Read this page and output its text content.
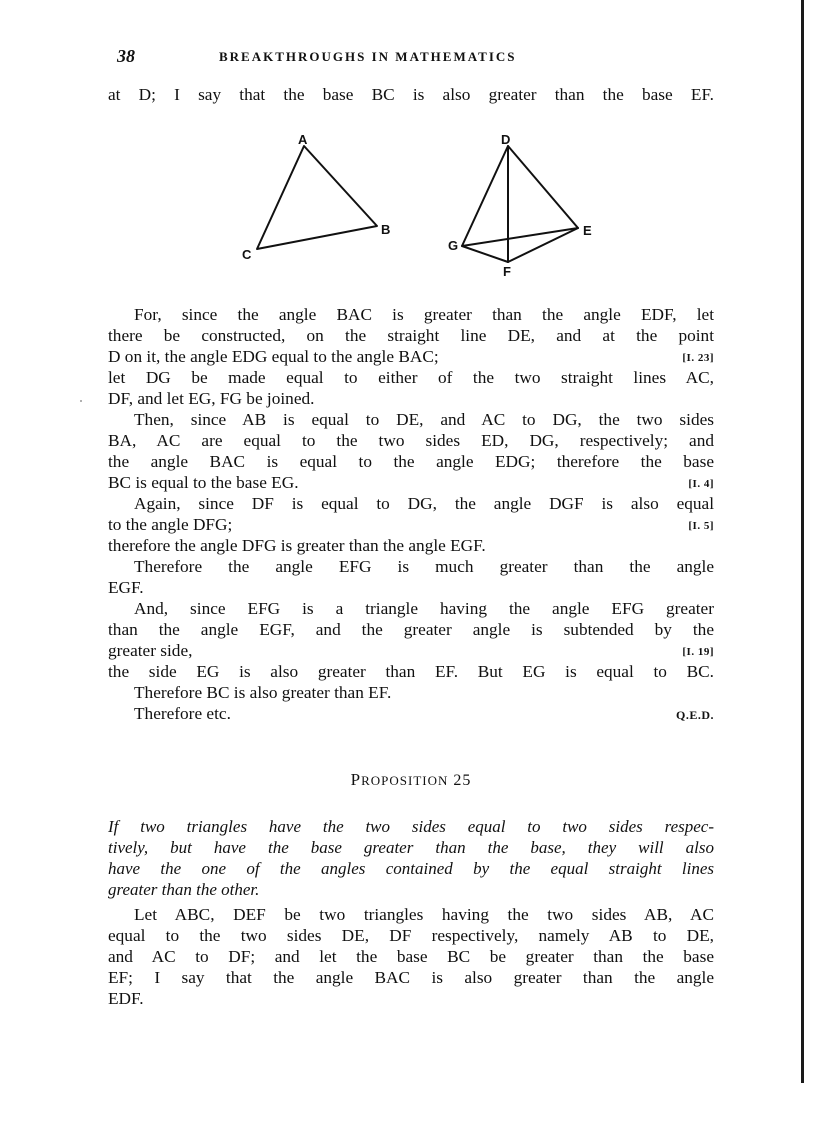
38	BREAKTHROUGHS IN MATHEMATICS
at D; I say that the base BC is also greater than the base EF.
A
B
C
D
E
F
G
For, since the angle BAC is greater than the angle EDF, let
there be constructed, on the straight line DE, and at the point
D on it, the angle EDG equal to the angle BAC;	[I. 23]
let DG be made equal to either of the two straight lines AC,
DF, and let EG, FG be joined.
Then, since AB is equal to DE, and AC to DG, the two sides
BA, AC are equal to the two sides ED, DG, respectively; and
the angle BAC is equal to the angle EDG; therefore the base
BC is equal to the base EG.	[I. 4]
Again, since DF is equal to DG, the angle DGF is also equal
to the angle DFG;	[I. 5]
therefore the angle DFG is greater than the angle EGF.
Therefore the angle EFG is much greater than the angle
EGF.
And, since EFG is a triangle having the angle EFG greater
than the angle EGF, and the greater angle is subtended by the
greater side,	[I. 19]
the side EG is also greater than EF. But EG is equal to BC.
Therefore BC is also greater than EF.
Therefore etc.	Q.E.D.
PROPOSITION 25
If two triangles have the two sides equal to two sides respec-
tively, but have the base greater than the base, they will also
have the one of the angles contained by the equal straight lines
greater than the other.
Let ABC, DEF be two triangles having the two sides AB, AC
equal to the two sides DE, DF respectively, namely AB to DE,
and AC to DF; and let the base BC be greater than the base
EF; I say that the angle BAC is also greater than the angle
EDF.
